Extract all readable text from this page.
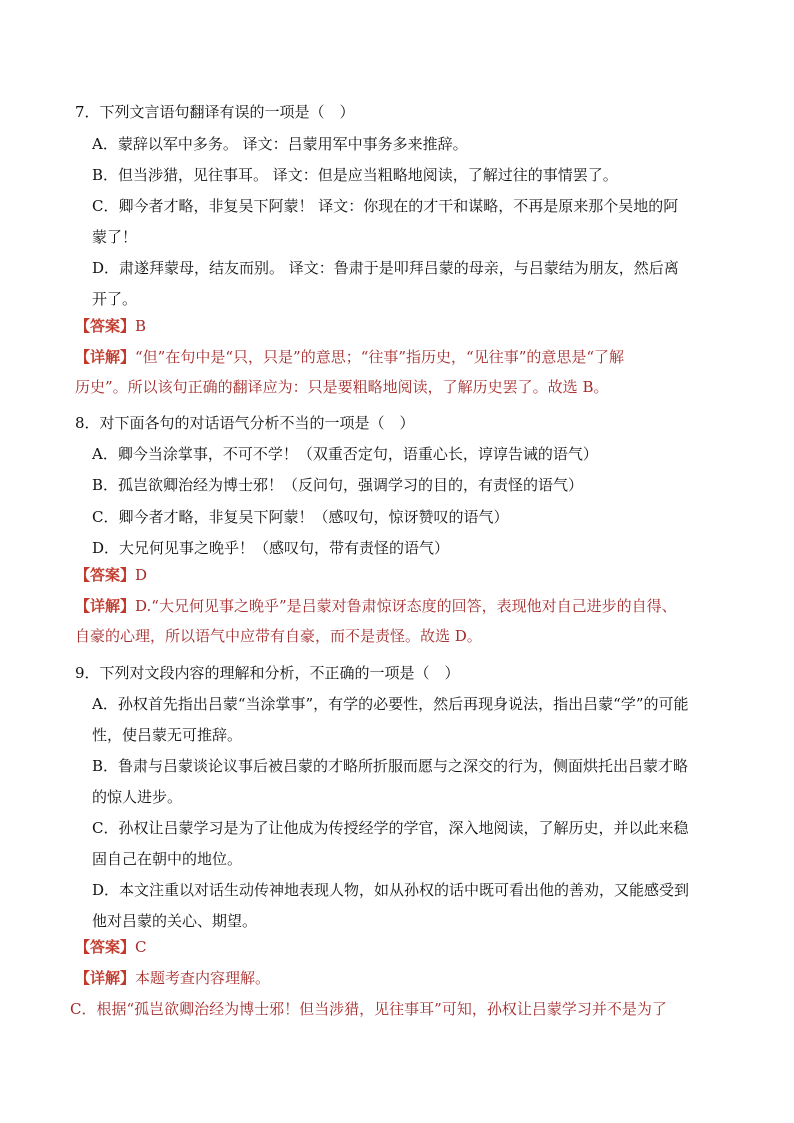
7．下列文言语句翻译有误的一项是（　）
A．蒙辞以军中多务。 译文：吕蒙用军中事务多来推辞。
B．但当涉猎，见往事耳。 译文：但是应当粗略地阅读，了解过往的事情罢了。
C．卿今者才略，非复吴下阿蒙！ 译文：你现在的才干和谋略，不再是原来那个吴地的阿
蒙了！
D．肃遂拜蒙母，结友而别。 译文：鲁肃于是叩拜吕蒙的母亲，与吕蒙结为朋友，然后离
开了。
【答案】B
【详解】“但”在句中是“只，只是”的意思；“往事”指历史，“见往事”的意思是“了解
历史”。所以该句正确的翻译应为：只是要粗略地阅读，了解历史罢了。故选 B。
8．对下面各句的对话语气分析不当的一项是（　）
A．卿今当涂掌事，不可不学！（双重否定句，语重心长，谆谆告诫的语气）
B．孤岂欲卿治经为博士邪！（反问句，强调学习的目的，有责怪的语气）
C．卿今者才略，非复吴下阿蒙！（感叹句，惊讶赞叹的语气）
D．大兄何见事之晚乎！（感叹句，带有责怪的语气）
【答案】D
【详解】D.“大兄何见事之晚乎”是吕蒙对鲁肃惊讶态度的回答，表现他对自己进步的自得、
自豪的心理，所以语气中应带有自豪，而不是责怪。故选 D。
9．下列对文段内容的理解和分析，不正确的一项是（　）
A．孙权首先指出吕蒙“当涂掌事”，有学的必要性，然后再现身说法，指出吕蒙“学”的可能
性，使吕蒙无可推辞。
B．鲁肃与吕蒙谈论议事后被吕蒙的才略所折服而愿与之深交的行为，侧面烘托出吕蒙才略
的惊人进步。
C．孙权让吕蒙学习是为了让他成为传授经学的学官，深入地阅读，了解历史，并以此来稳
固自己在朝中的地位。
D．本文注重以对话生动传神地表现人物，如从孙权的话中既可看出他的善劝，又能感受到
他对吕蒙的关心、期望。
【答案】C
【详解】本题考查内容理解。
C．根据“孤岂欲卿治经为博士邪！但当涉猎，见往事耳”可知，孙权让吕蒙学习并不是为了
